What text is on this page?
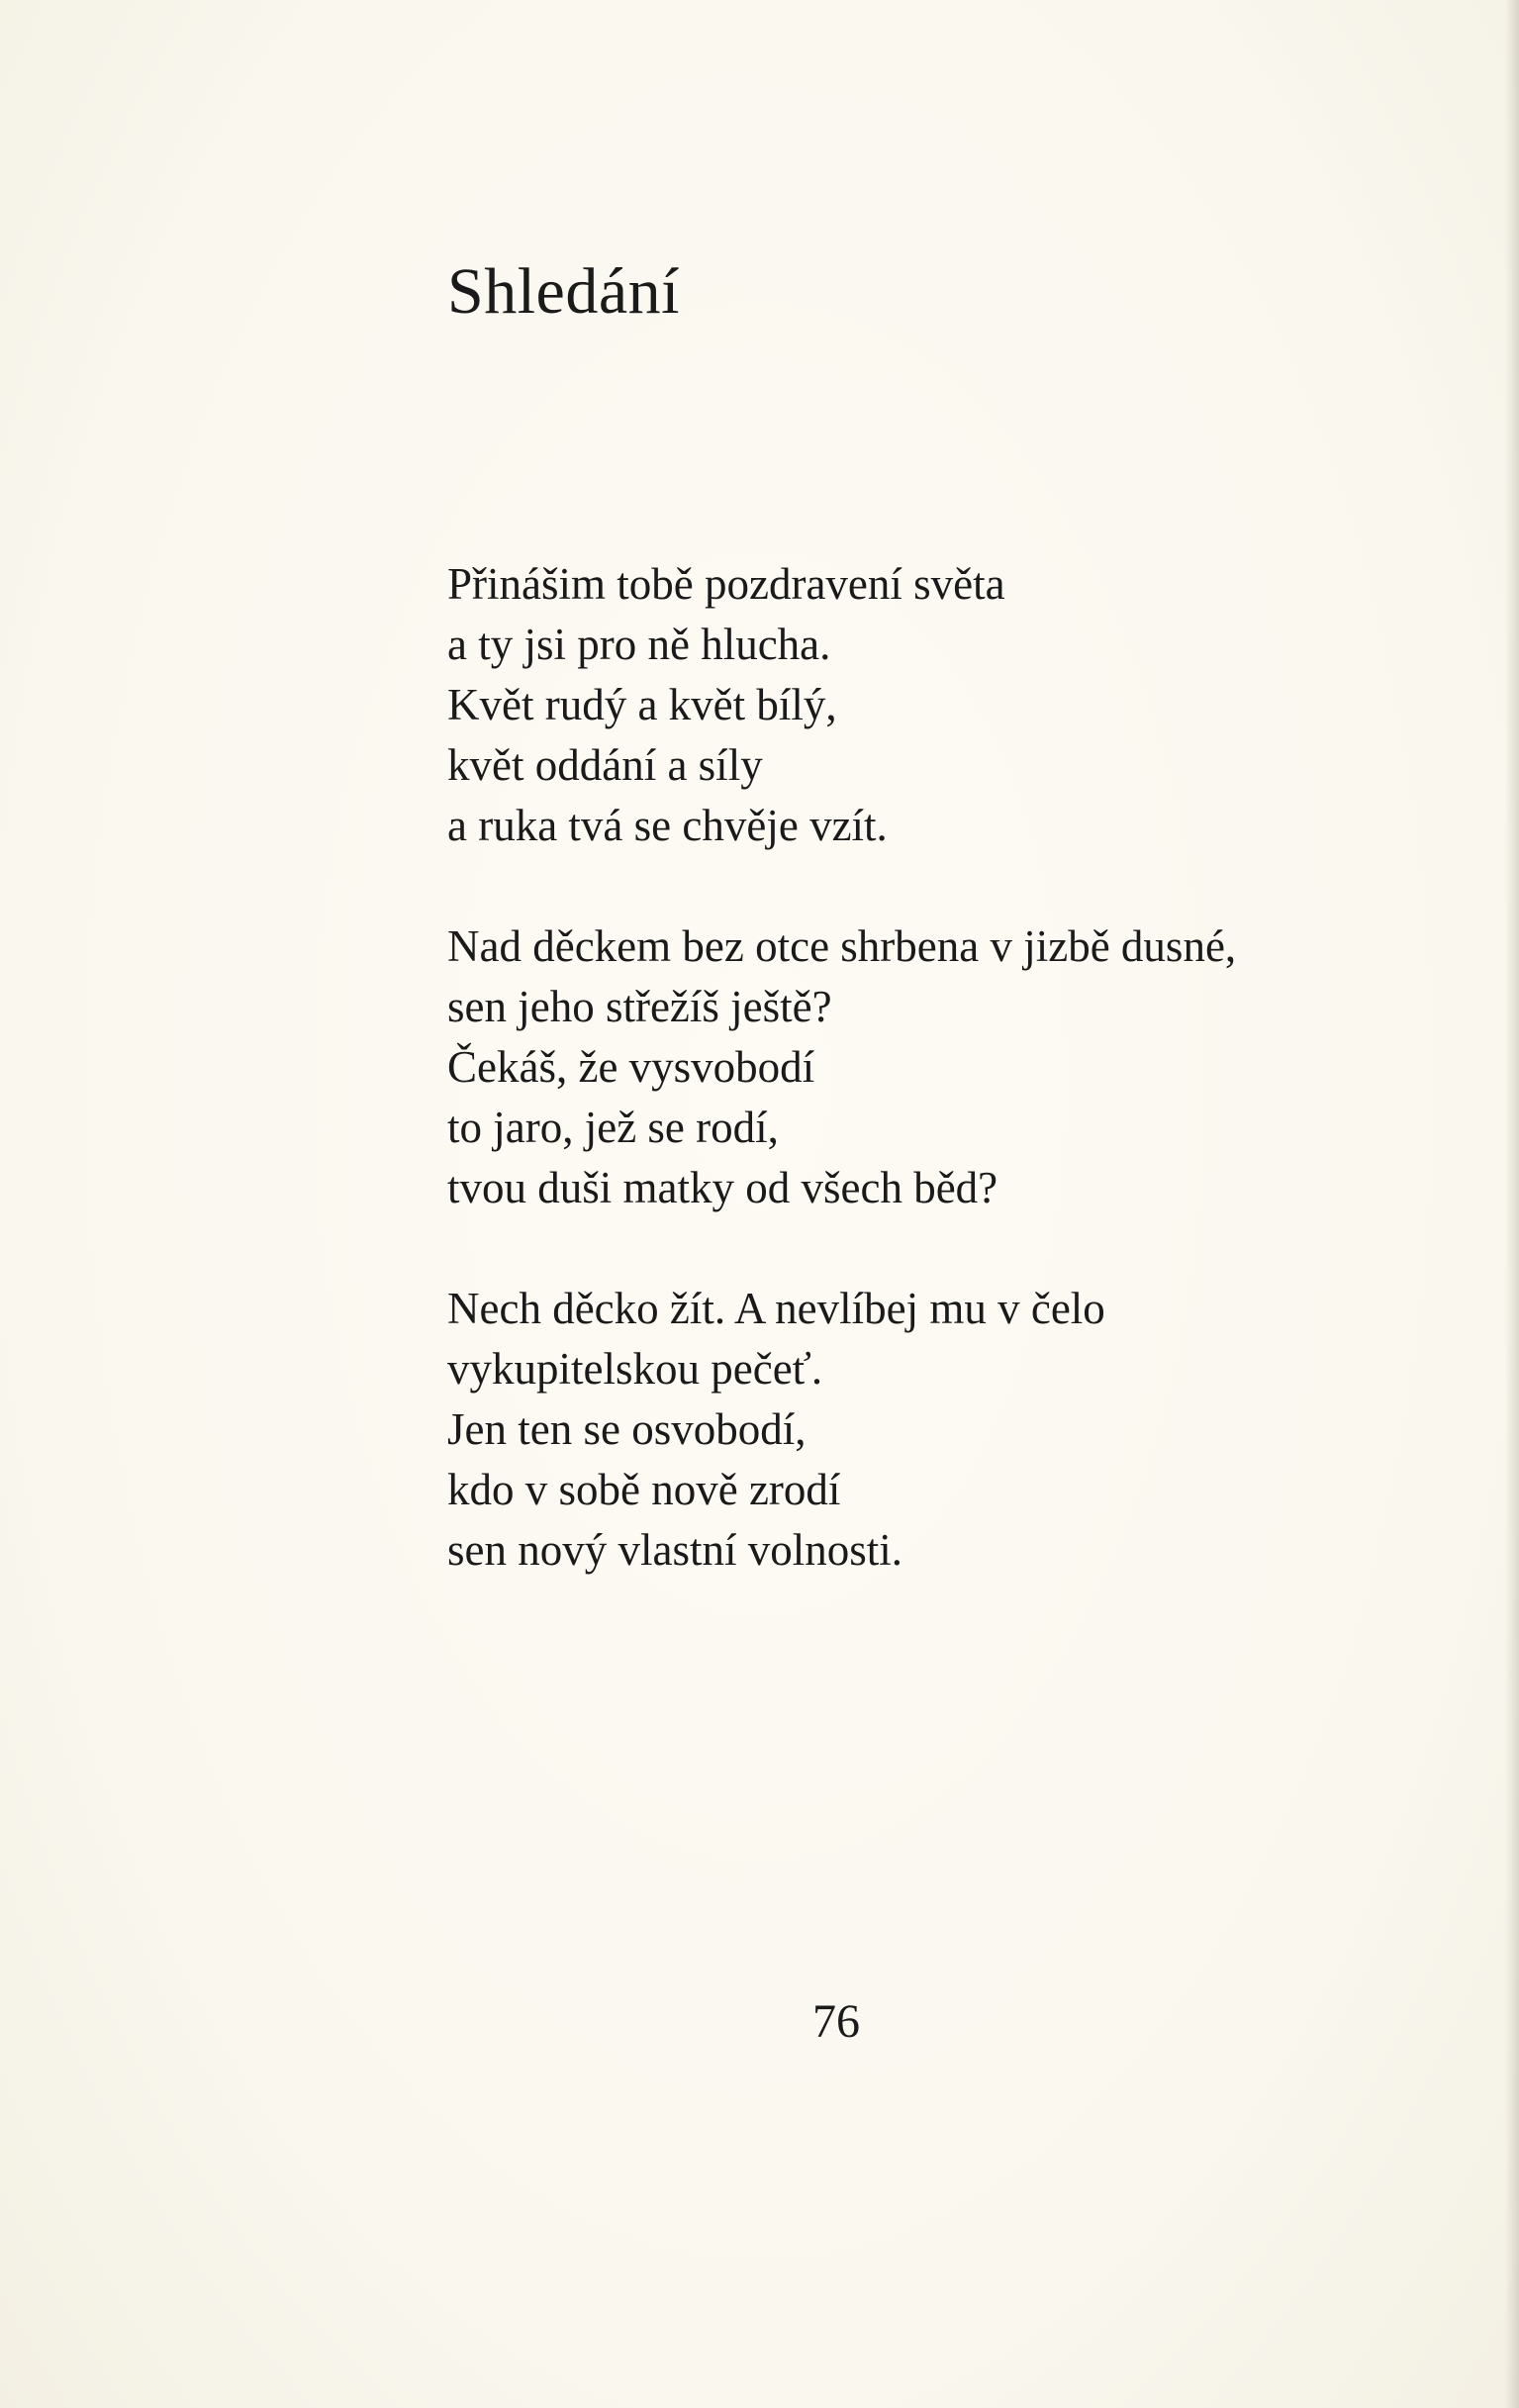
Shledání

Přinášim tobě pozdravení světa
a ty jsi pro ně hlucha.
Květ rudý a květ bílý,
květ oddání a síly
a ruka tvá se chvěje vzít.

Nad děckem bez otce shrbena v jizbě dusné,
sen jeho střežíš ještě?
Čekáš, že vysvobodí
to jaro, jež se rodí,
tvou duši matky od všech běd?

Nech děcko žít. A nevlíbej mu v čelo
vykupitelskou pečeť.
Jen ten se osvobodí,
kdo v sobě nově zrodí
sen nový vlastní volnosti.

76
